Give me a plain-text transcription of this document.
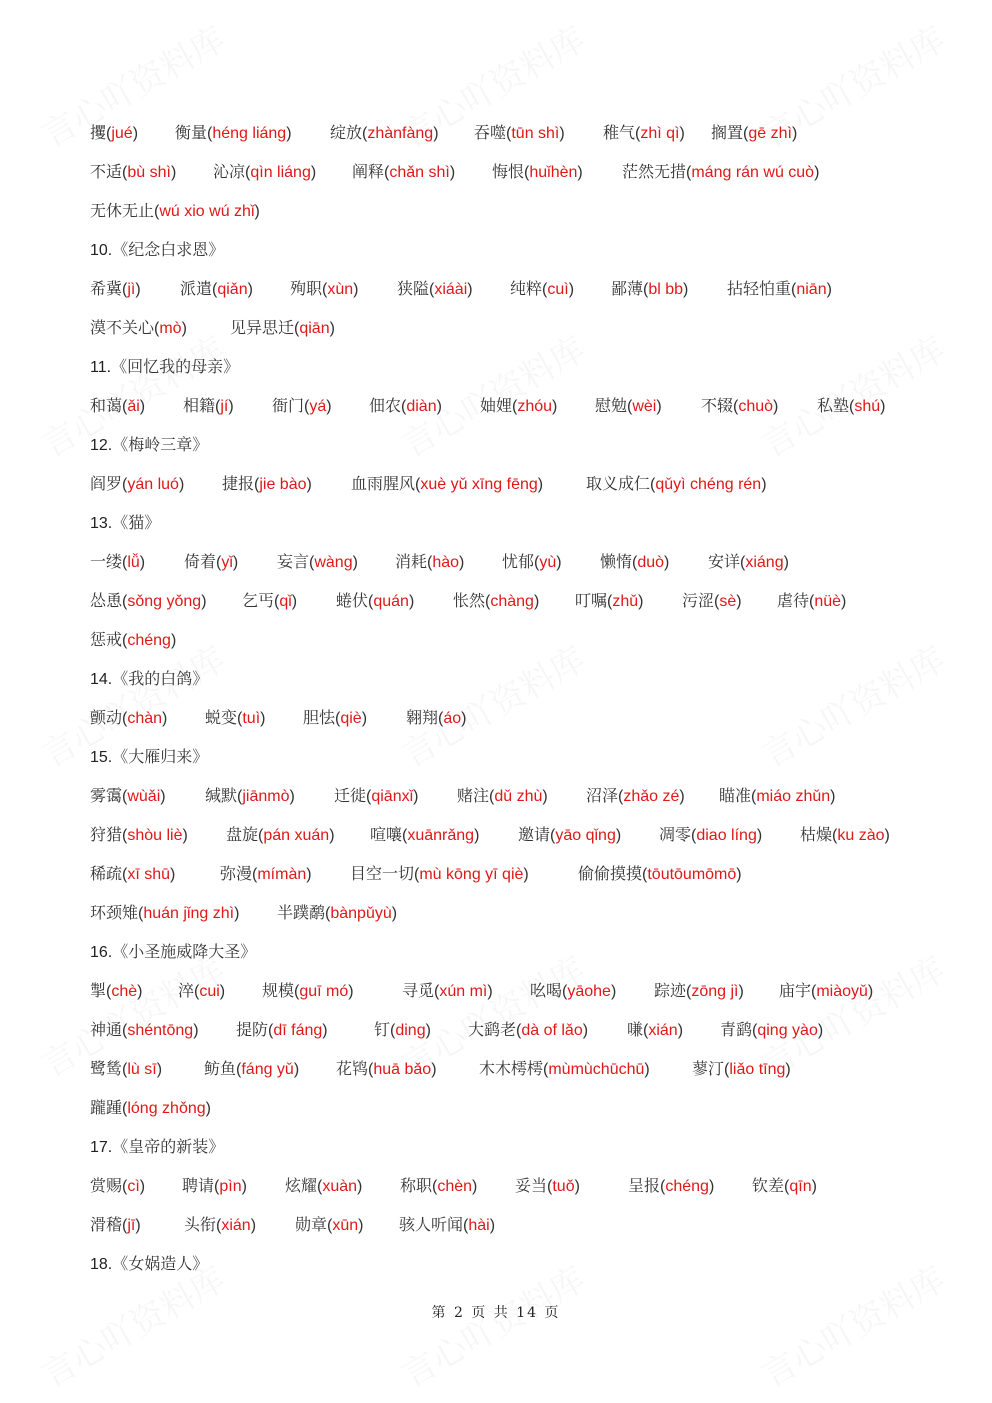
攫(jué) 衡量(héng liáng) 绽放(zhànfàng) 吞噬(tūn shì) 稚气(zhì qì) 搁置(gē zhì)
不适(bù shì) 沁凉(qìn liáng) 阐释(chǎn shì) 悔恨(huǐhèn) 茫然无措(máng rán wú cuò)
无休无止(wú xio wú zhǐ)
10.《纪念白求恩》
希冀(jì) 派遣(qiǎn) 殉职(xùn) 狭隘(xiáài) 纯粹(cuì) 鄙薄(bl bb) 拈轻怕重(niān)
漠不关心(mò)	见异思迁(qiān)
11.《回忆我的母亲》
和蔼(ǎi) 相籍(jí) 衙门(yá) 佃农(diàn) 妯娌(zhóu) 慰勉(wèi) 不辍(chuò) 私塾(shú)
12.《梅岭三章》
阎罗(yán luó) 捷报(jie bào) 血雨腥风(xuè yǔ xīng fēng)	取义成仁(qǔyì chéng rén)
13.《猫》
一缕(lǚ) 倚着(yǐ) 妄言(wàng) 消耗(hào) 忧郁(yù) 懒惰(duò) 安详(xiáng)
怂恿(sǒng yǒng) 乞丐(qǐ) 蜷伏(quán) 怅然(chàng) 叮嘱(zhǔ) 污涩(sè) 虐待(nüè)
惩戒(chéng)
14.《我的白鸽》
颤动(chàn) 蜕变(tuì) 胆怯(qiè) 翱翔(áo)
15.《大雁归来》
雾霭(wùǎi) 缄默(jiānmò) 迁徙(qiānxǐ) 赌注(dǔ zhù) 沼泽(zhǎo zé) 瞄准(miáo zhǔn)
狩猎(shòu liè) 盘旋(pán xuán) 喧嚷(xuānrǎng) 邀请(yāo qǐng) 凋零(diao líng) 枯燥(ku zào)
稀疏(xī shū)	弥漫(mímàn) 目空一切(mù kōng yī qiè)	偷偷摸摸(tōutōumōmō)
环颈雉(huán jǐng zhì) 半蹼鹬(bànpǔyù)
16.《小圣施威降大圣》
掣(chè) 淬(cui) 规模(guī mó)	寻觅(xún mì) 吆喝(yāohe) 踪迹(zōng jì) 庙宇(miàoyǔ)
神通(shéntōng) 提防(dī fáng)	钉(ding) 大鹞老(dà of lǎo) 嗛(xián) 青鹞(qing yào)
鹭鸶(lù sī)	鲂鱼(fáng yǔ) 花鸨(huā bǎo)	木木樗樗(mùmùchūchū)	蓼汀(liǎo tīng)
躘踵(lóng zhǒng)
17.《皇帝的新装》
赏赐(cì) 聘请(pìn) 炫耀(xuàn) 称职(chèn) 妥当(tuǒ)	呈报(chéng) 钦差(qīn)
滑稽(jī)	头衔(xián) 勋章(xūn) 骇人听闻(hài)
18.《女娲造人》
第 2 页 共 14 页
